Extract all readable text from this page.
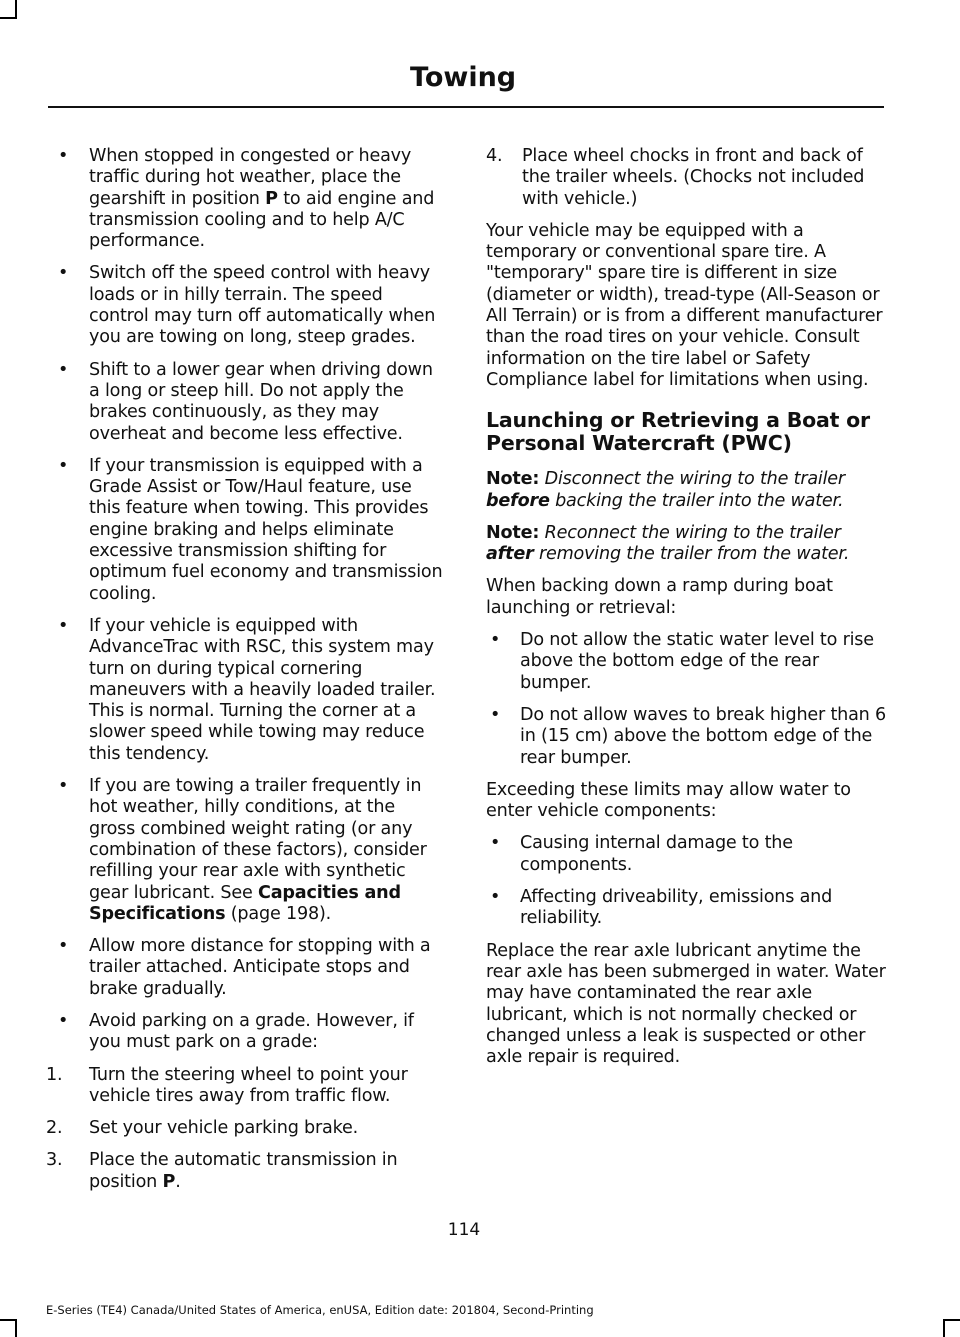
Towing
• When stopped in congested or heavy traffic during hot weather, place the gearshift in position P to aid engine and transmission cooling and to help A/C performance.
• Switch off the speed control with heavy loads or in hilly terrain. The speed control may turn off automatically when you are towing on long, steep grades.
• Shift to a lower gear when driving down a long or steep hill. Do not apply the brakes continuously, as they may overheat and become less effective.
• If your transmission is equipped with a Grade Assist or Tow/Haul feature, use this feature when towing. This provides engine braking and helps eliminate excessive transmission shifting for optimum fuel economy and transmission cooling.
• If your vehicle is equipped with AdvanceTrac with RSC, this system may turn on during typical cornering maneuvers with a heavily loaded trailer. This is normal. Turning the corner at a slower speed while towing may reduce this tendency.
• If you are towing a trailer frequently in hot weather, hilly conditions, at the gross combined weight rating (or any combination of these factors), consider refilling your rear axle with synthetic gear lubricant. See Capacities and Specifications (page 198).
• Allow more distance for stopping with a trailer attached. Anticipate stops and brake gradually.
• Avoid parking on a grade. However, if you must park on a grade:
1. Turn the steering wheel to point your vehicle tires away from traffic flow.
2. Set your vehicle parking brake.
3. Place the automatic transmission in position P.
4. Place wheel chocks in front and back of the trailer wheels. (Chocks not included with vehicle.)

Your vehicle may be equipped with a temporary or conventional spare tire. A "temporary" spare tire is different in size (diameter or width), tread-type (All-Season or All Terrain) or is from a different manufacturer than the road tires on your vehicle. Consult information on the tire label or Safety Compliance label for limitations when using.

Launching or Retrieving a Boat or Personal Watercraft (PWC)

Note: Disconnect the wiring to the trailer before backing the trailer into the water.

Note: Reconnect the wiring to the trailer after removing the trailer from the water.

When backing down a ramp during boat launching or retrieval:

• Do not allow the static water level to rise above the bottom edge of the rear bumper.
• Do not allow waves to break higher than 6 in (15 cm) above the bottom edge of the rear bumper.

Exceeding these limits may allow water to enter vehicle components:

• Causing internal damage to the components.
• Affecting driveability, emissions and reliability.

Replace the rear axle lubricant anytime the rear axle has been submerged in water. Water may have contaminated the rear axle lubricant, which is not normally checked or changed unless a leak is suspected or other axle repair is required.

114
E-Series (TE4) Canada/United States of America, enUSA, Edition date: 201804, Second-Printing
